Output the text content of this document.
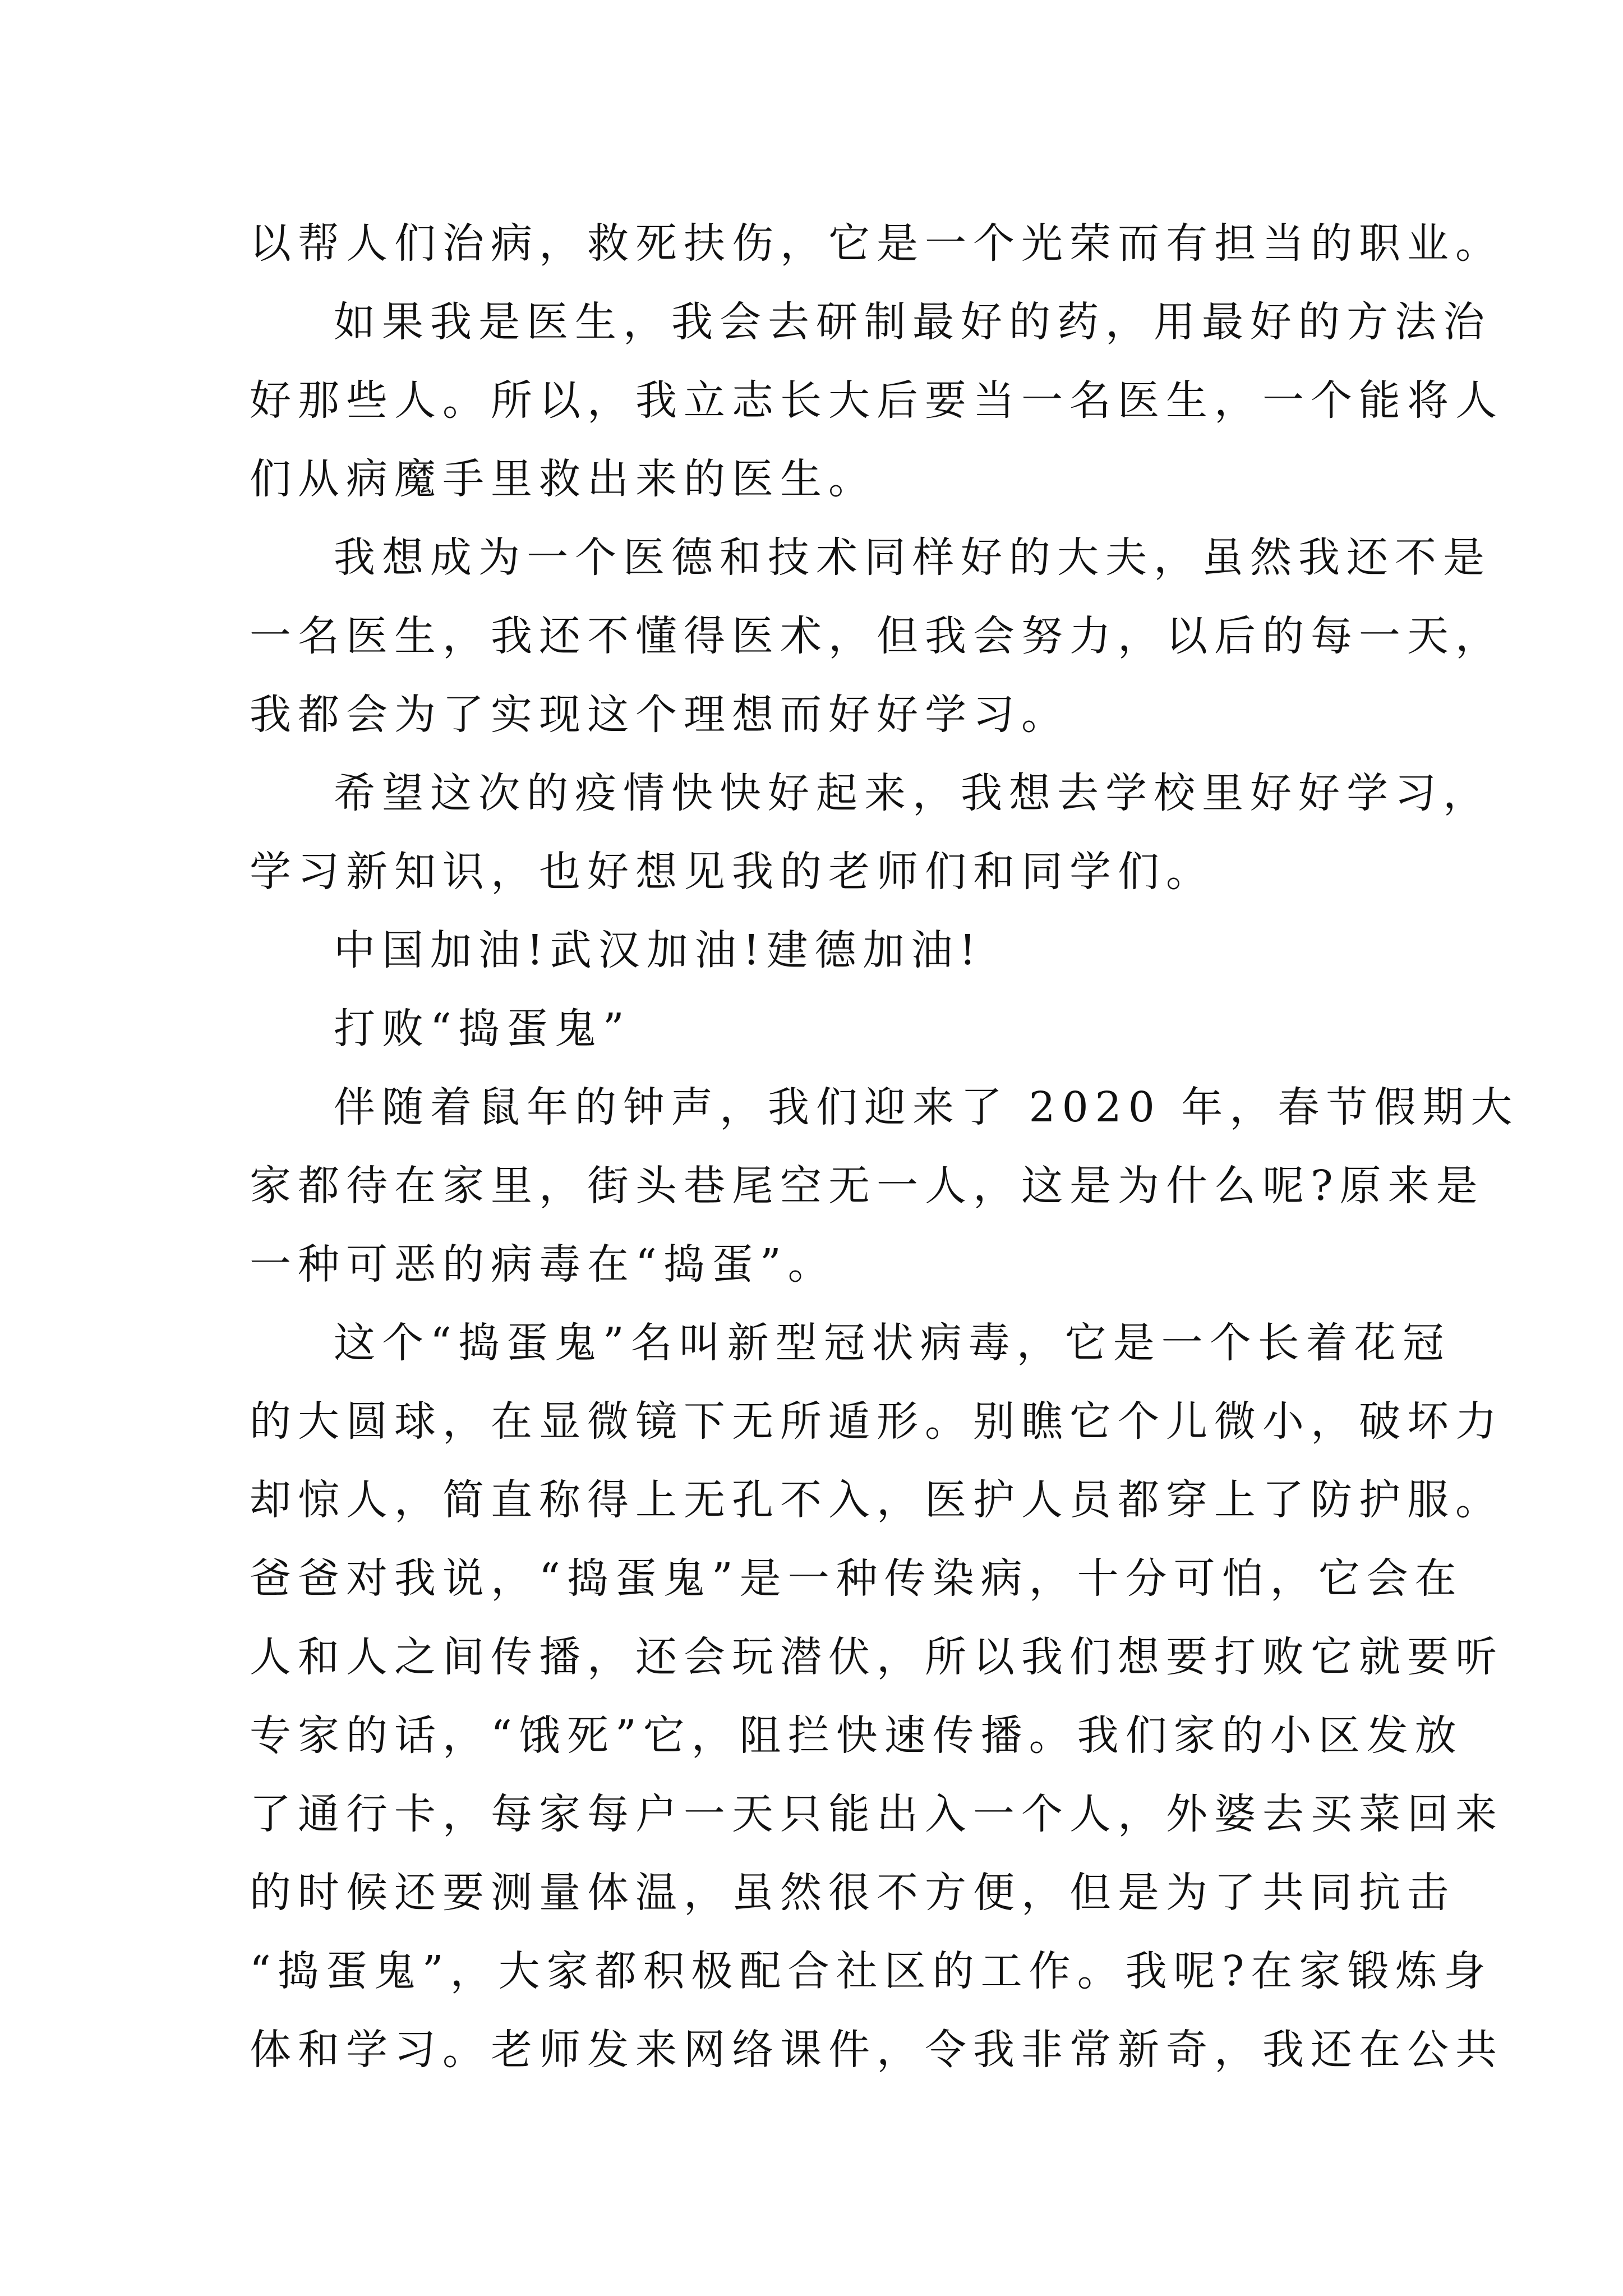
以帮人们治病，救死扶伤，它是一个光荣而有担当的职业。
如果我是医生，我会去研制最好的药，用最好的方法治
好那些人。所以，我立志长大后要当一名医生，一个能将人
们从病魔手里救出来的医生。
我想成为一个医德和技术同样好的大夫，虽然我还不是
一名医生，我还不懂得医术，但我会努力，以后的每一天，
我都会为了实现这个理想而好好学习。
希望这次的疫情快快好起来，我想去学校里好好学习，
学习新知识，也好想见我的老师们和同学们。
中国加油!武汉加油!建德加油!
打败“捣蛋鬼”
伴随着鼠年的钟声，我们迎来了 2020 年，春节假期大
家都待在家里，街头巷尾空无一人，这是为什么呢?原来是
一种可恶的病毒在“捣蛋”。
这个“捣蛋鬼”名叫新型冠状病毒，它是一个长着花冠
的大圆球，在显微镜下无所遁形。别瞧它个儿微小，破坏力
却惊人，简直称得上无孔不入，医护人员都穿上了防护服。
爸爸对我说，“捣蛋鬼”是一种传染病，十分可怕，它会在
人和人之间传播，还会玩潜伏，所以我们想要打败它就要听
专家的话，“饿死”它，阻拦快速传播。我们家的小区发放
了通行卡，每家每户一天只能出入一个人，外婆去买菜回来
的时候还要测量体温，虽然很不方便，但是为了共同抗击
“捣蛋鬼”，大家都积极配合社区的工作。我呢?在家锻炼身
体和学习。老师发来网络课件，令我非常新奇，我还在公共
